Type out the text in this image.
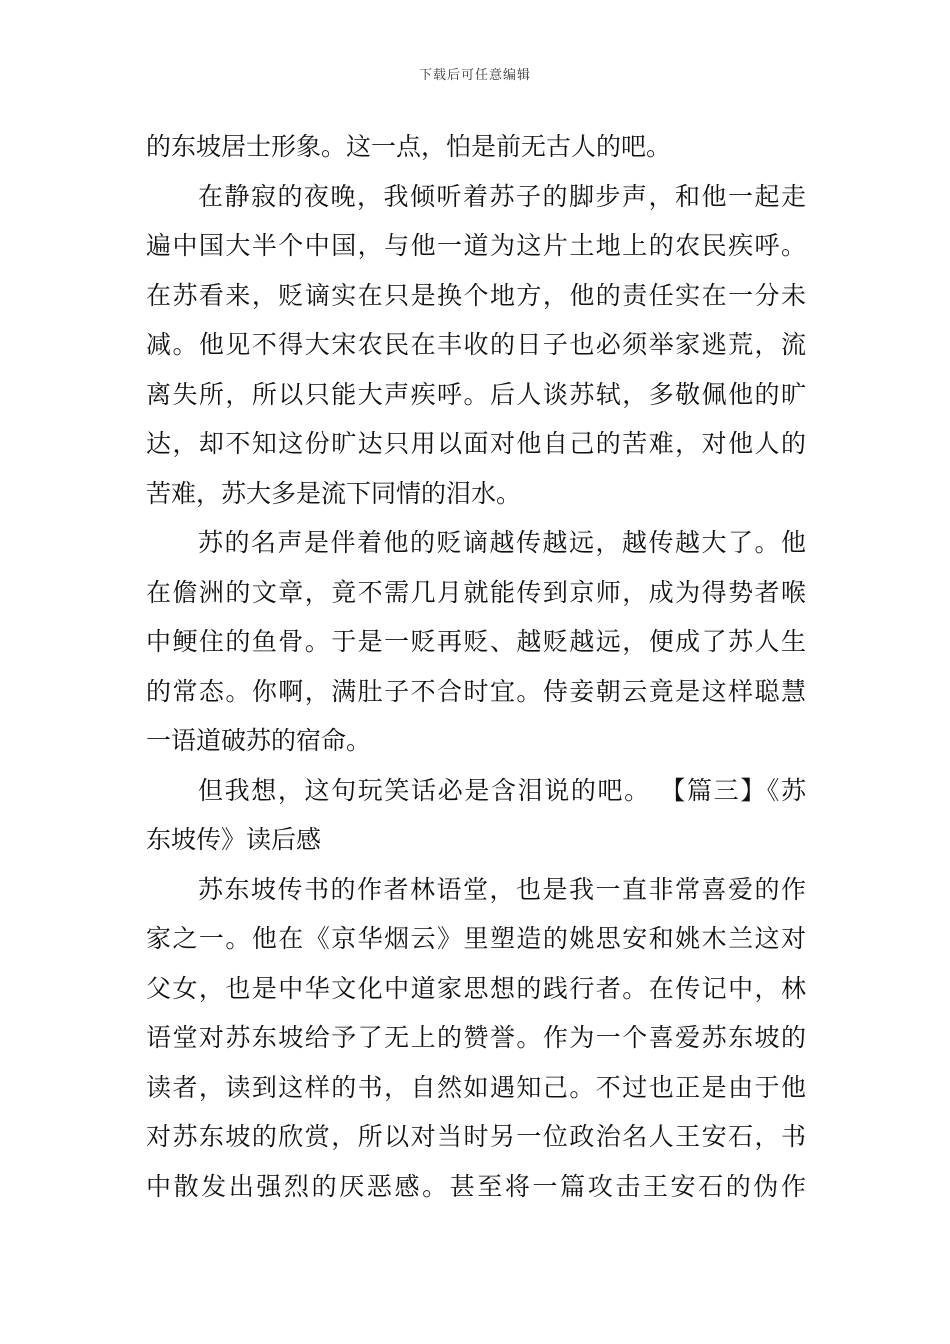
下载后可任意编辑
的东坡居士形象。这一点，怕是前无古人的吧。
在静寂的夜晚，我倾听着苏子的脚步声，和他一起走
遍中国大半个中国，与他一道为这片土地上的农民疾呼。
在苏看来，贬谪实在只是换个地方，他的责任实在一分未
减。他见不得大宋农民在丰收的日子也必须举家逃荒，流
离失所，所以只能大声疾呼。后人谈苏轼，多敬佩他的旷
达，却不知这份旷达只用以面对他自己的苦难，对他人的
苦难，苏大多是流下同情的泪水。
苏的名声是伴着他的贬谪越传越远，越传越大了。他
在儋洲的文章，竟不需几月就能传到京师，成为得势者喉
中鲠住的鱼骨。于是一贬再贬、越贬越远，便成了苏人生
的常态。你啊，满肚子不合时宜。侍妾朝云竟是这样聪慧
一语道破苏的宿命。
但我想，这句玩笑话必是含泪说的吧。 【篇三】《苏
东坡传》读后感
苏东坡传书的作者林语堂，也是我一直非常喜爱的作
家之一。他在《京华烟云》里塑造的姚思安和姚木兰这对
父女，也是中华文化中道家思想的践行者。在传记中，林
语堂对苏东坡给予了无上的赞誉。作为一个喜爱苏东坡的
读者，读到这样的书，自然如遇知己。不过也正是由于他
对苏东坡的欣赏，所以对当时另一位政治名人王安石，书
中散发出强烈的厌恶感。甚至将一篇攻击王安石的伪作
